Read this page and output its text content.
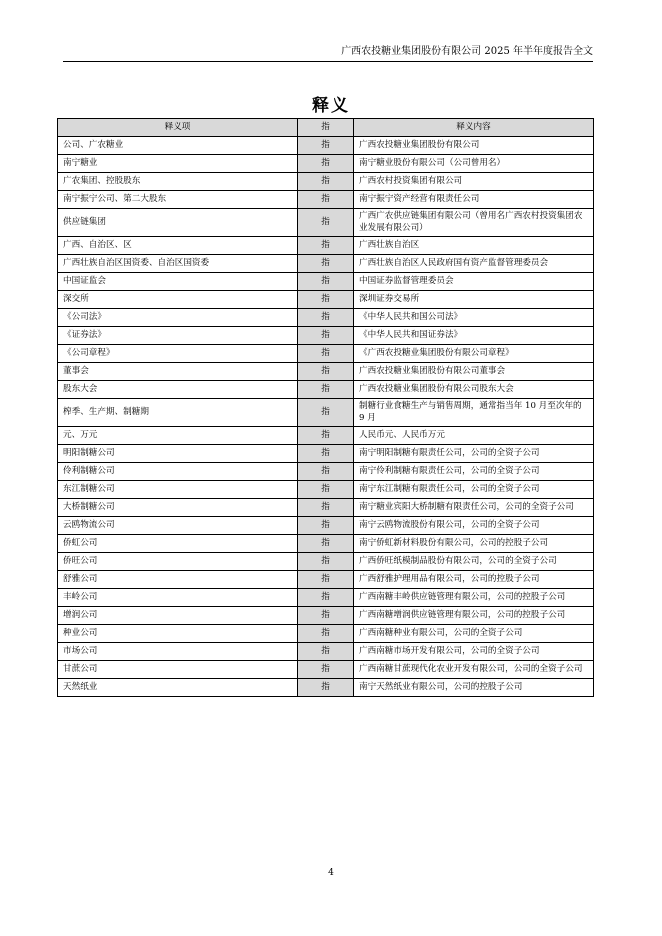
广西农投糖业集团股份有限公司 2025 年半年度报告全文
释义
释义项	指	释义内容
公司、广农糖业	指	广西农投糖业集团股份有限公司
南宁糖业	指	南宁糖业股份有限公司（公司曾用名）
广农集团、控股股东	指	广西农村投资集团有限公司
南宁振宁公司、第二大股东	指	南宁振宁资产经营有限责任公司
供应链集团	指	广西广农供应链集团有限公司（曾用名广西农村投资集团农业发展有限公司）
广西、自治区、区	指	广西壮族自治区
广西壮族自治区国资委、自治区国资委	指	广西壮族自治区人民政府国有资产监督管理委员会
中国证监会	指	中国证券监督管理委员会
深交所	指	深圳证券交易所
《公司法》	指	《中华人民共和国公司法》
《证券法》	指	《中华人民共和国证券法》
《公司章程》	指	《广西农投糖业集团股份有限公司章程》
董事会	指	广西农投糖业集团股份有限公司董事会
股东大会	指	广西农投糖业集团股份有限公司股东大会
榨季、生产期、制糖期	指	制糖行业食糖生产与销售周期，通常指当年 10 月至次年的 9 月
元、万元	指	人民币元、人民币万元
明阳制糖公司	指	南宁明阳制糖有限责任公司，公司的全资子公司
伶利制糖公司	指	南宁伶利制糖有限责任公司，公司的全资子公司
东江制糖公司	指	南宁东江制糖有限责任公司，公司的全资子公司
大桥制糖公司	指	南宁糖业宾阳大桥制糖有限责任公司，公司的全资子公司
云鸥物流公司	指	南宁云鸥物流股份有限公司，公司的全资子公司
侨虹公司	指	南宁侨虹新材料股份有限公司，公司的控股子公司
侨旺公司	指	广西侨旺纸模制品股份有限公司，公司的全资子公司
舒雅公司	指	广西舒雅护理用品有限公司，公司的控股子公司
丰岭公司	指	广西南糖丰岭供应链管理有限公司，公司的控股子公司
增润公司	指	广西南糖增润供应链管理有限公司，公司的控股子公司
种业公司	指	广西南糖种业有限公司，公司的全资子公司
市场公司	指	广西南糖市场开发有限公司，公司的全资子公司
甘蔗公司	指	广西南糖甘蔗现代化农业开发有限公司，公司的全资子公司
天然纸业	指	南宁天然纸业有限公司，公司的控股子公司
4
